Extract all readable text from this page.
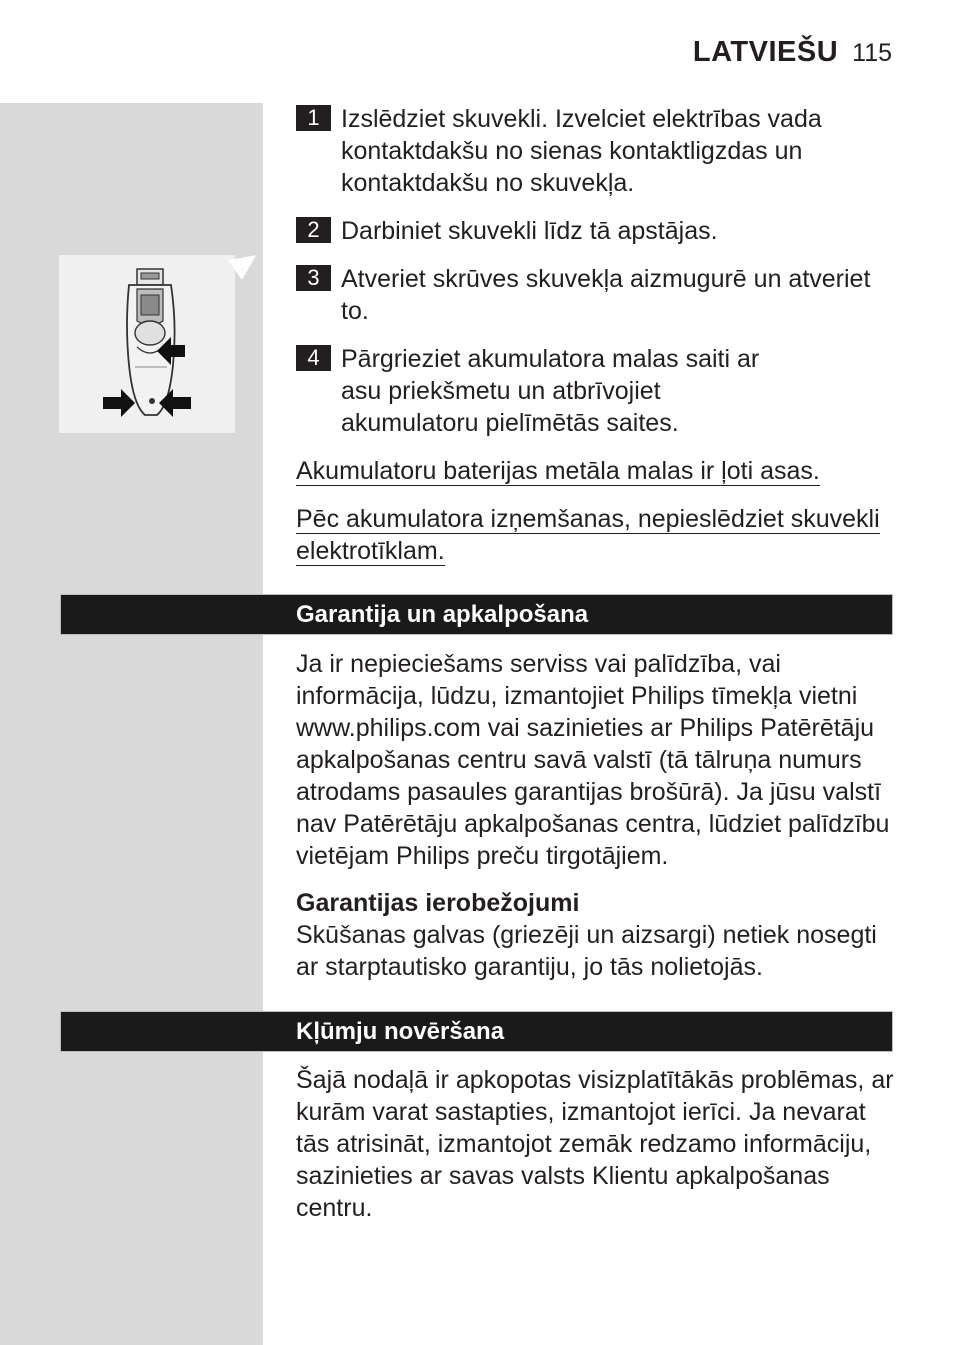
LATVIEŠU 115
1 Izslēdziet skuvekli. Izvelciet elektrības vada kontaktdakšu no sienas kontaktligzdas un kontaktdakšu no skuvekļa.
2 Darbiniet skuvekli līdz tā apstājas.
3 Atveriet skrūves skuvekļa aizmugurē un atveriet to.
4 Pārgrieziet akumulatora malas saiti ar asu priekšmetu un atbrīvojiet akumulatoru pielīmētās saites.
Akumulatoru baterijas metāla malas ir ļoti asas.
Pēc akumulatora izņemšanas, nepieslēdziet skuvekli elektrotīklam.
Garantija un apkalpošana
Ja ir nepieciešams serviss vai palīdzība, vai informācija, lūdzu, izmantojiet Philips tīmekļa vietni www.philips.com vai sazinieties ar Philips Patērētāju apkalpošanas centru savā valstī (tā tālruņa numurs atrodams pasaules garantijas brošūrā). Ja jūsu valstī nav Patērētāju apkalpošanas centra, lūdziet palīdzību vietējam Philips preču tirgotājiem.
Garantijas ierobežojumi
Skūšanas galvas (griezēji un aizsargi) netiek nosegti ar starptautisko garantiju, jo tās nolietojās.
Kļūmju novēršana
Šajā nodaļā ir apkopotas visizplatītākās problēmas, ar kurām varat sastapties, izmantojot ierīci. Ja nevarat tās atrisināt, izmantojot zemāk redzamo informāciju, sazinieties ar savas valsts Klientu apkalpošanas centru.
